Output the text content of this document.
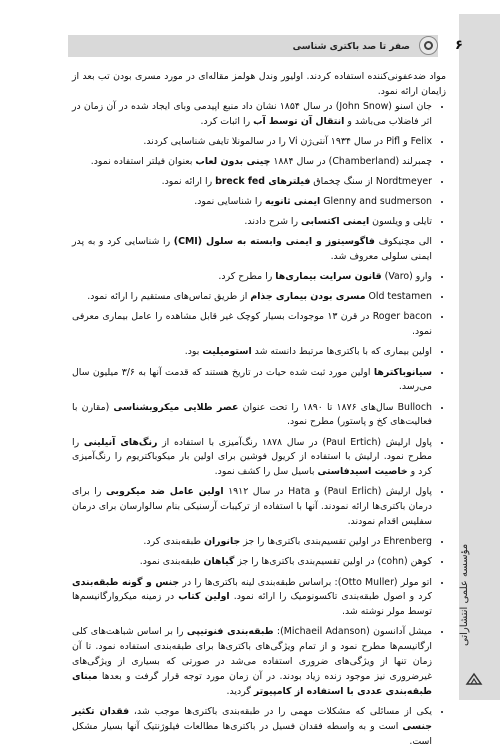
صفر تا صد باکتری شناسی	۶
مؤسسه علمی انتشاراتی

مواد ضدعفونی‌کننده استفاده کردند. اولیور وندل هولمز مقاله‌ای در مورد مسری بودن تب بعد از زایمان ارائه نمود.

• جان اسنو (John Snow) در سال ۱۸۵۴ نشان داد منبع اپیدمی وبای ایجاد شده در آن زمان در اثر فاضلاب می‌باشد و انتقال آن توسط آب را اثبات کرد.
• Felix و Pifl در سال ۱۹۳۴ آنتی‌ژن Vi را در سالمونلا تایفی شناسایی کردند.
• چمبرلند (Chamberland) در سال ۱۸۸۴ چینی بدون لعاب بعنوان فیلتر استفاده نمود.
• Nordtmeyer از سنگ چخماق فیلترهای breck fed را ارائه نمود.
• Glenny and sudmerson ایمنی ثانویه را شناسایی نمود.
• تایلی و ویلسون ایمنی اکتسابی را شرح دادند.
• الی مچنیکوف فاگوسیتوز و ایمنی وابسته به سلول (CMI) را شناسایی کرد و به پدر ایمنی سلولی معروف شد.
• وارو (Varo) قانون سرایت بیماری‌ها را مطرح کرد.
• Old testamen مسری بودن بیماری جذام از طریق تماس‌های مستقیم را ارائه نمود.
• Roger bacon در قرن ۱۳ موجودات بسیار کوچک غیر قابل مشاهده را عامل بیماری معرفی نمود.
• اولین بیماری که با باکتری‌ها مرتبط دانسته شد استومیلیت بود.
• سیانوباکترها اولین مورد ثبت شده حیات در تاریخ هستند که قدمت آنها به ۳/۶ میلیون سال می‌رسد.
• Bulloch سال‌های ۱۸۷۶ تا ۱۸۹۰ را تحت عنوان عصر طلایی میکروبشناسی (مقارن با فعالیت‌های کخ و پاستور) مطرح نمود.
• پاول ارلیش (Paul Ertich) در سال ۱۸۷۸ رنگ‌آمیزی با استفاده از رنگ‌های آنیلینی را مطرح نمود. ارلیش با استفاده از کریول فوشین برای اولین بار میکوباکتریوم را رنگ‌آمیزی کرد و خاصیت اسیدفاستی باسیل سل را کشف نمود.
• پاول ارلیش (Paul Erlich) و Hata در سال ۱۹۱۲ اولین عامل ضد میکروبی را برای درمان باکتری‌ها ارائه نمودند. آنها با استفاده از ترکیبات آرسنیکی بنام سالوارسان برای درمان سفلیس اقدام نمودند.
• Ehrenberg در اولین تقسیم‌بندی باکتری‌ها را جز جانوران طبقه‌بندی کرد.
• کوهن (cohn) در اولین تقسیم‌بندی باکتری‌ها را جز گیاهان طبقه‌بندی نمود.
• اتو مولر (Otto Muller): براساس طبقه‌بندی لینه باکتری‌ها را در جنس و گونه طبقه‌بندی کرد و اصول طبقه‌بندی تاکسونومیک را ارائه نمود. اولین کتاب در زمینه میکروارگانیسم‌ها توسط مولر نوشته شد.
• میشل آدانسون (Michaeil Adanson): طبقه‌بندی فنوتیپی را بر اساس شباهت‌های کلی ارگانیسم‌ها مطرح نمود و از تمام ویژگی‌های باکتری‌ها برای طبقه‌بندی استفاده نمود. تا آن زمان تنها از ویژگی‌های ضروری استفاده می‌شد در صورتی که بسیاری از ویژگی‌های غیرضروری نیز موجود زنده زیاد بودند. در آن زمان مورد توجه قرار گرفت و بعدها مبنای طبقه‌بندی عددی با استفاده از کامپیوتر گردید.
• یکی از مسائلی که مشکلات مهمی را در طبقه‌بندی باکتری‌ها موجب شد، فقدان تکثیر جنسی است و به واسطه فقدان فسیل در باکتری‌ها مطالعات فیلوژنتیک آنها بسیار مشکل است.
